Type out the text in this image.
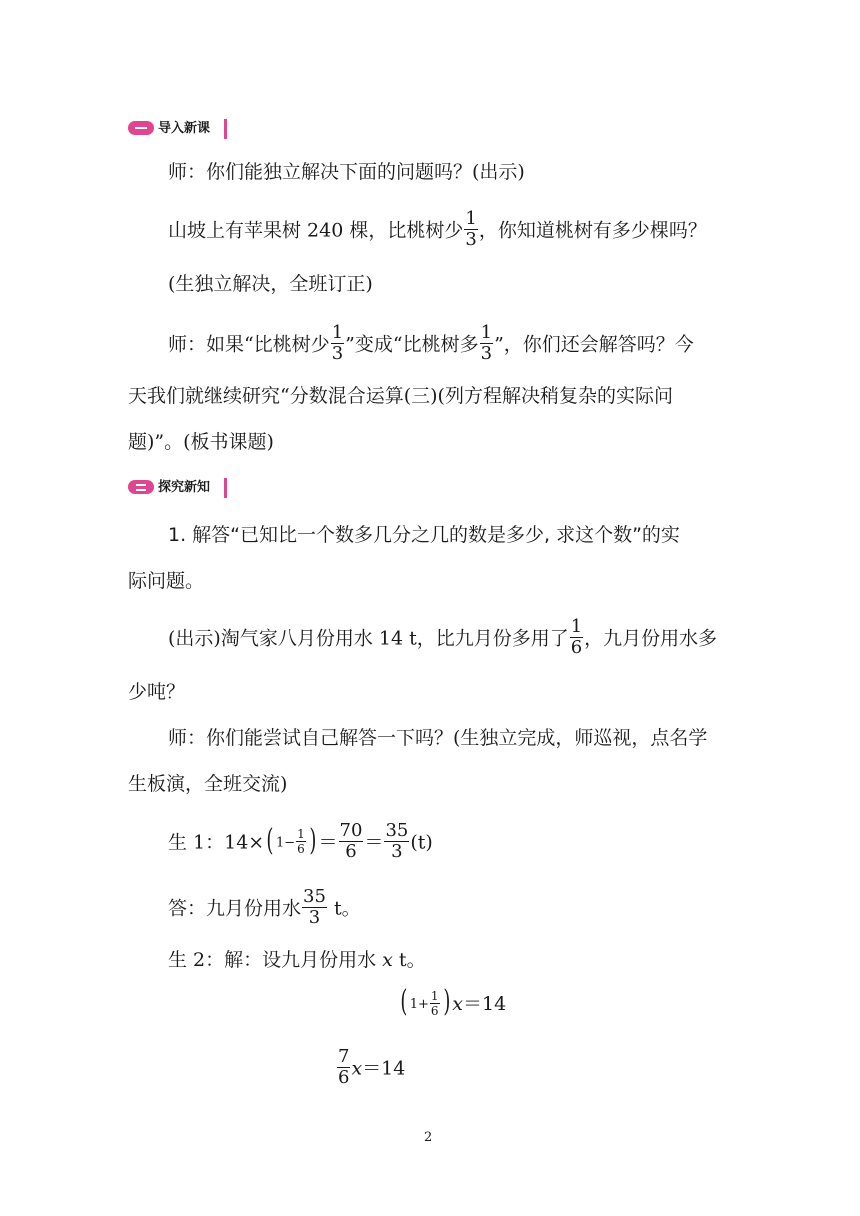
导入新课
师：你们能独立解决下面的问题吗？(出示)
山坡上有苹果树 240 棵，比桃树少 $\frac{1}{3}$ ，你知道桃树有多少棵吗？
(生独立解决，全班订正)
师：如果“比桃树少 $\frac{1}{3}$ ”变成“比桃树多 $\frac{1}{3}$ ”，你们还会解答吗？今
天我们就继续研究“分数混合运算(三)(列方程解决稍复杂的实际问
题)”。(板书课题)
探究新知
1. 解答“已知比一个数多几分之几的数是多少, 求这个数”的实
际问题。
(出示)淘气家八月份用水 14 t，比九月份多用了 $\frac{1}{6}$ ，九月份用水多
少吨？
师：你们能尝试自己解答一下吗？(生独立完成，师巡视，点名学
生板演，全班交流)
生 1：14×( $1- \frac{1}{6}$ ) ＝ $\frac{70}{6} = \frac{35}{3} (t)$
答：九月份用水 $\frac{35}{3}$ t。
生 2：解：设九月份用水 x t。
( $1+ \frac{1}{6}$ ) x＝14
$\frac{7}{6} x=14$
2
